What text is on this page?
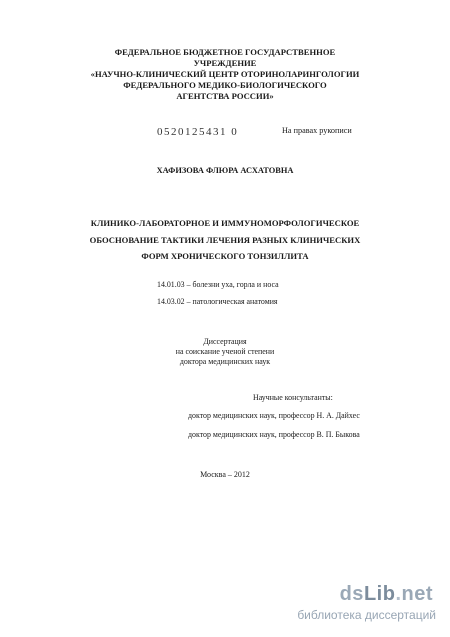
ФЕДЕРАЛЬНОЕ БЮДЖЕТНОЕ ГОСУДАРСТВЕННОЕ
УЧРЕЖДЕНИЕ
«НАУЧНО-КЛИНИЧЕСКИЙ ЦЕНТР ОТОРИНОЛАРИНГОЛОГИИ
ФЕДЕРАЛЬНОГО МЕДИКО-БИОЛОГИЧЕСКОГО
АГЕНТСТВА РОССИИ»
0520125431 0	На правах рукописи
ХАФИЗОВА ФЛЮРА АСХАТОВНА
КЛИНИКО-ЛАБОРАТОРНОЕ И ИММУНОМОРФОЛОГИЧЕСКОЕ
ОБОСНОВАНИЕ ТАКТИКИ ЛЕЧЕНИЯ РАЗНЫХ КЛИНИЧЕСКИХ
ФОРМ ХРОНИЧЕСКОГО ТОНЗИЛЛИТА
14.01.03 – болезни уха, горла и носа
14.03.02 – патологическая анатомия
Диссертация
на соискание ученой степени
доктора медицинских наук
Научные консультанты:
доктор медицинских наук, профессор Н. А. Дайхес
доктор медицинских наук, профессор В. П. Быкова
Москва – 2012
dsLib.net
библиотека диссертаций
